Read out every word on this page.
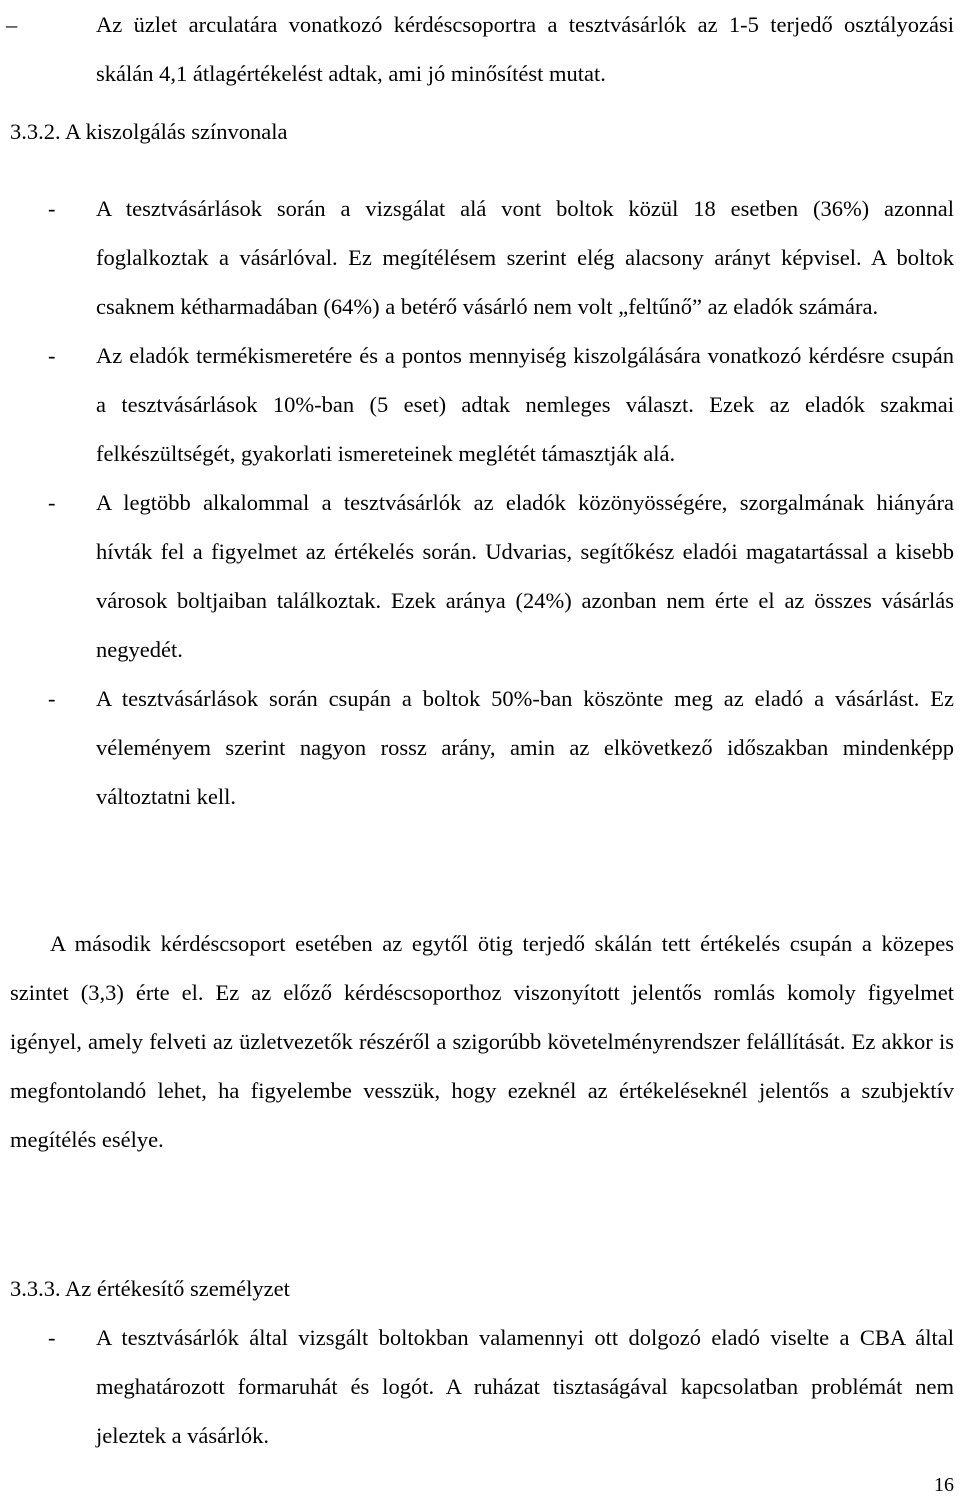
–	Az üzlet arculatára vonatkozó kérdéscsoportra a tesztvásárlók az 1-5 terjedő osztályozási skálán 4,1 átlagértékelést adtak, ami jó minősítést mutat.

3.3.2. A kiszolgálás színvonala

- A tesztvásárlások során a vizsgálat alá vont boltok közül 18 esetben (36%) azonnal foglalkoztak a vásárlóval. Ez megítélésem szerint elég alacsony arányt képvisel. A boltok csaknem kétharmadában (64%) a betérő vásárló nem volt „feltűnő” az eladók számára.

- Az eladók termékismeretére és a pontos mennyiség kiszolgálására vonatkozó kérdésre csupán a tesztvásárlások 10%-ban (5 eset) adtak nemleges választ. Ezek az eladók szakmai felkészültségét, gyakorlati ismereteinek meglétét támasztják alá.

- A legtöbb alkalommal a tesztvásárlók az eladók közönyösségére, szorgalmának hiányára hívták fel a figyelmet az értékelés során. Udvarias, segítőkész eladói magatartással a kisebb városok boltjaiban találkoztak. Ezek aránya (24%) azonban nem érte el az összes vásárlás negyedét.

- A tesztvásárlások során csupán a boltok 50%-ban köszönte meg az eladó a vásárlást. Ez véleményem szerint nagyon rossz arány, amin az elkövetkező időszakban mindenképp változtatni kell.

A második kérdéscsoport esetében az egytől ötig terjedő skálán tett értékelés csupán a közepes szintet (3,3) érte el. Ez az előző kérdéscsoporthoz viszonyított jelentős romlás komoly figyelmet igényel, amely felveti az üzletvezetők részéről a szigorúbb követelményrendszer felállítását. Ez akkor is megfontolandó lehet, ha figyelembe vesszük, hogy ezeknél az értékeléseknél jelentős a szubjektív megítélés esélye.

3.3.3. Az értékesítő személyzet

- A tesztvásárlók által vizsgált boltokban valamennyi ott dolgozó eladó viselte a CBA által meghatározott formaruhát és logót. A ruházat tisztaságával kapcsolatban problémát nem jeleztek a vásárlók.

16
